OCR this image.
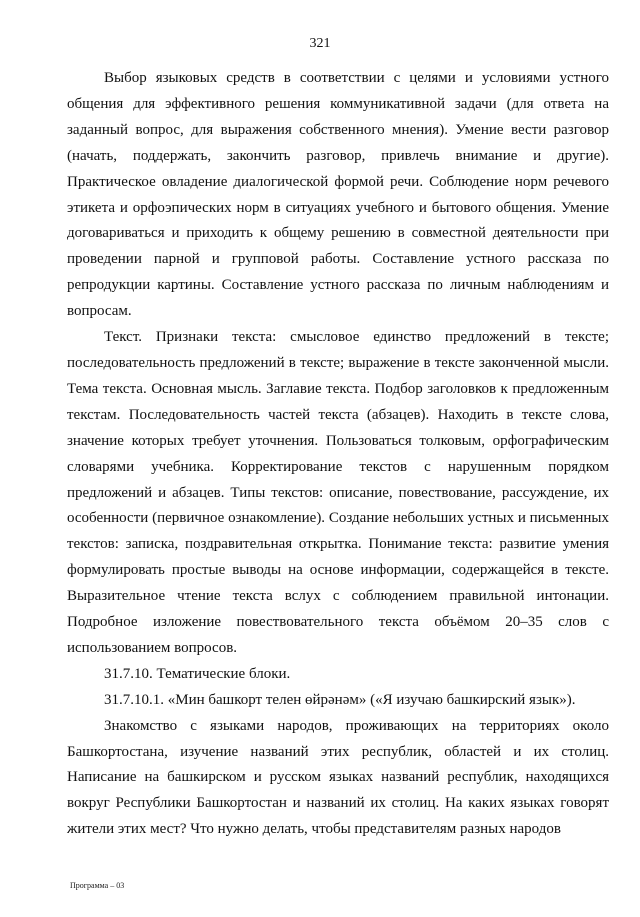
321

Выбор языковых средств в соответствии с целями и условиями устного общения для эффективного решения коммуникативной задачи (для ответа на заданный вопрос, для выражения собственного мнения). Умение вести разговор (начать, поддержать, закончить разговор, привлечь внимание и другие). Практическое овладение диалогической формой речи. Соблюдение норм речевого этикета и орфоэпических норм в ситуациях учебного и бытового общения. Умение договариваться и приходить к общему решению в совместной деятельности при проведении парной и групповой работы. Составление устного рассказа по репродукции картины. Составление устного рассказа по личным наблюдениям и вопросам.

Текст. Признаки текста: смысловое единство предложений в тексте; последовательность предложений в тексте; выражение в тексте законченной мысли. Тема текста. Основная мысль. Заглавие текста. Подбор заголовков к предложенным текстам. Последовательность частей текста (абзацев). Находить в тексте слова, значение которых требует уточнения. Пользоваться толковым, орфографическим словарями учебника. Корректирование текстов с нарушенным порядком предложений и абзацев. Типы текстов: описание, повествование, рассуждение, их особенности (первичное ознакомление). Создание небольших устных и письменных текстов: записка, поздравительная открытка. Понимание текста: развитие умения формулировать простые выводы на основе информации, содержащейся в тексте. Выразительное чтение текста вслух с соблюдением правильной интонации. Подробное изложение повествовательного текста объёмом 20–35 слов с использованием вопросов.

31.7.10. Тематические блоки.

31.7.10.1. «Мин башкорт телен өйрәнәм» («Я изучаю башкирский язык»).

Знакомство с языками народов, проживающих на территориях около Башкортостана, изучение названий этих республик, областей и их столиц. Написание на башкирском и русском языках названий республик, находящихся вокруг Республики Башкортостан и названий их столиц. На каких языках говорят жители этих мест? Что нужно делать, чтобы представителям разных народов

Программа – 03
